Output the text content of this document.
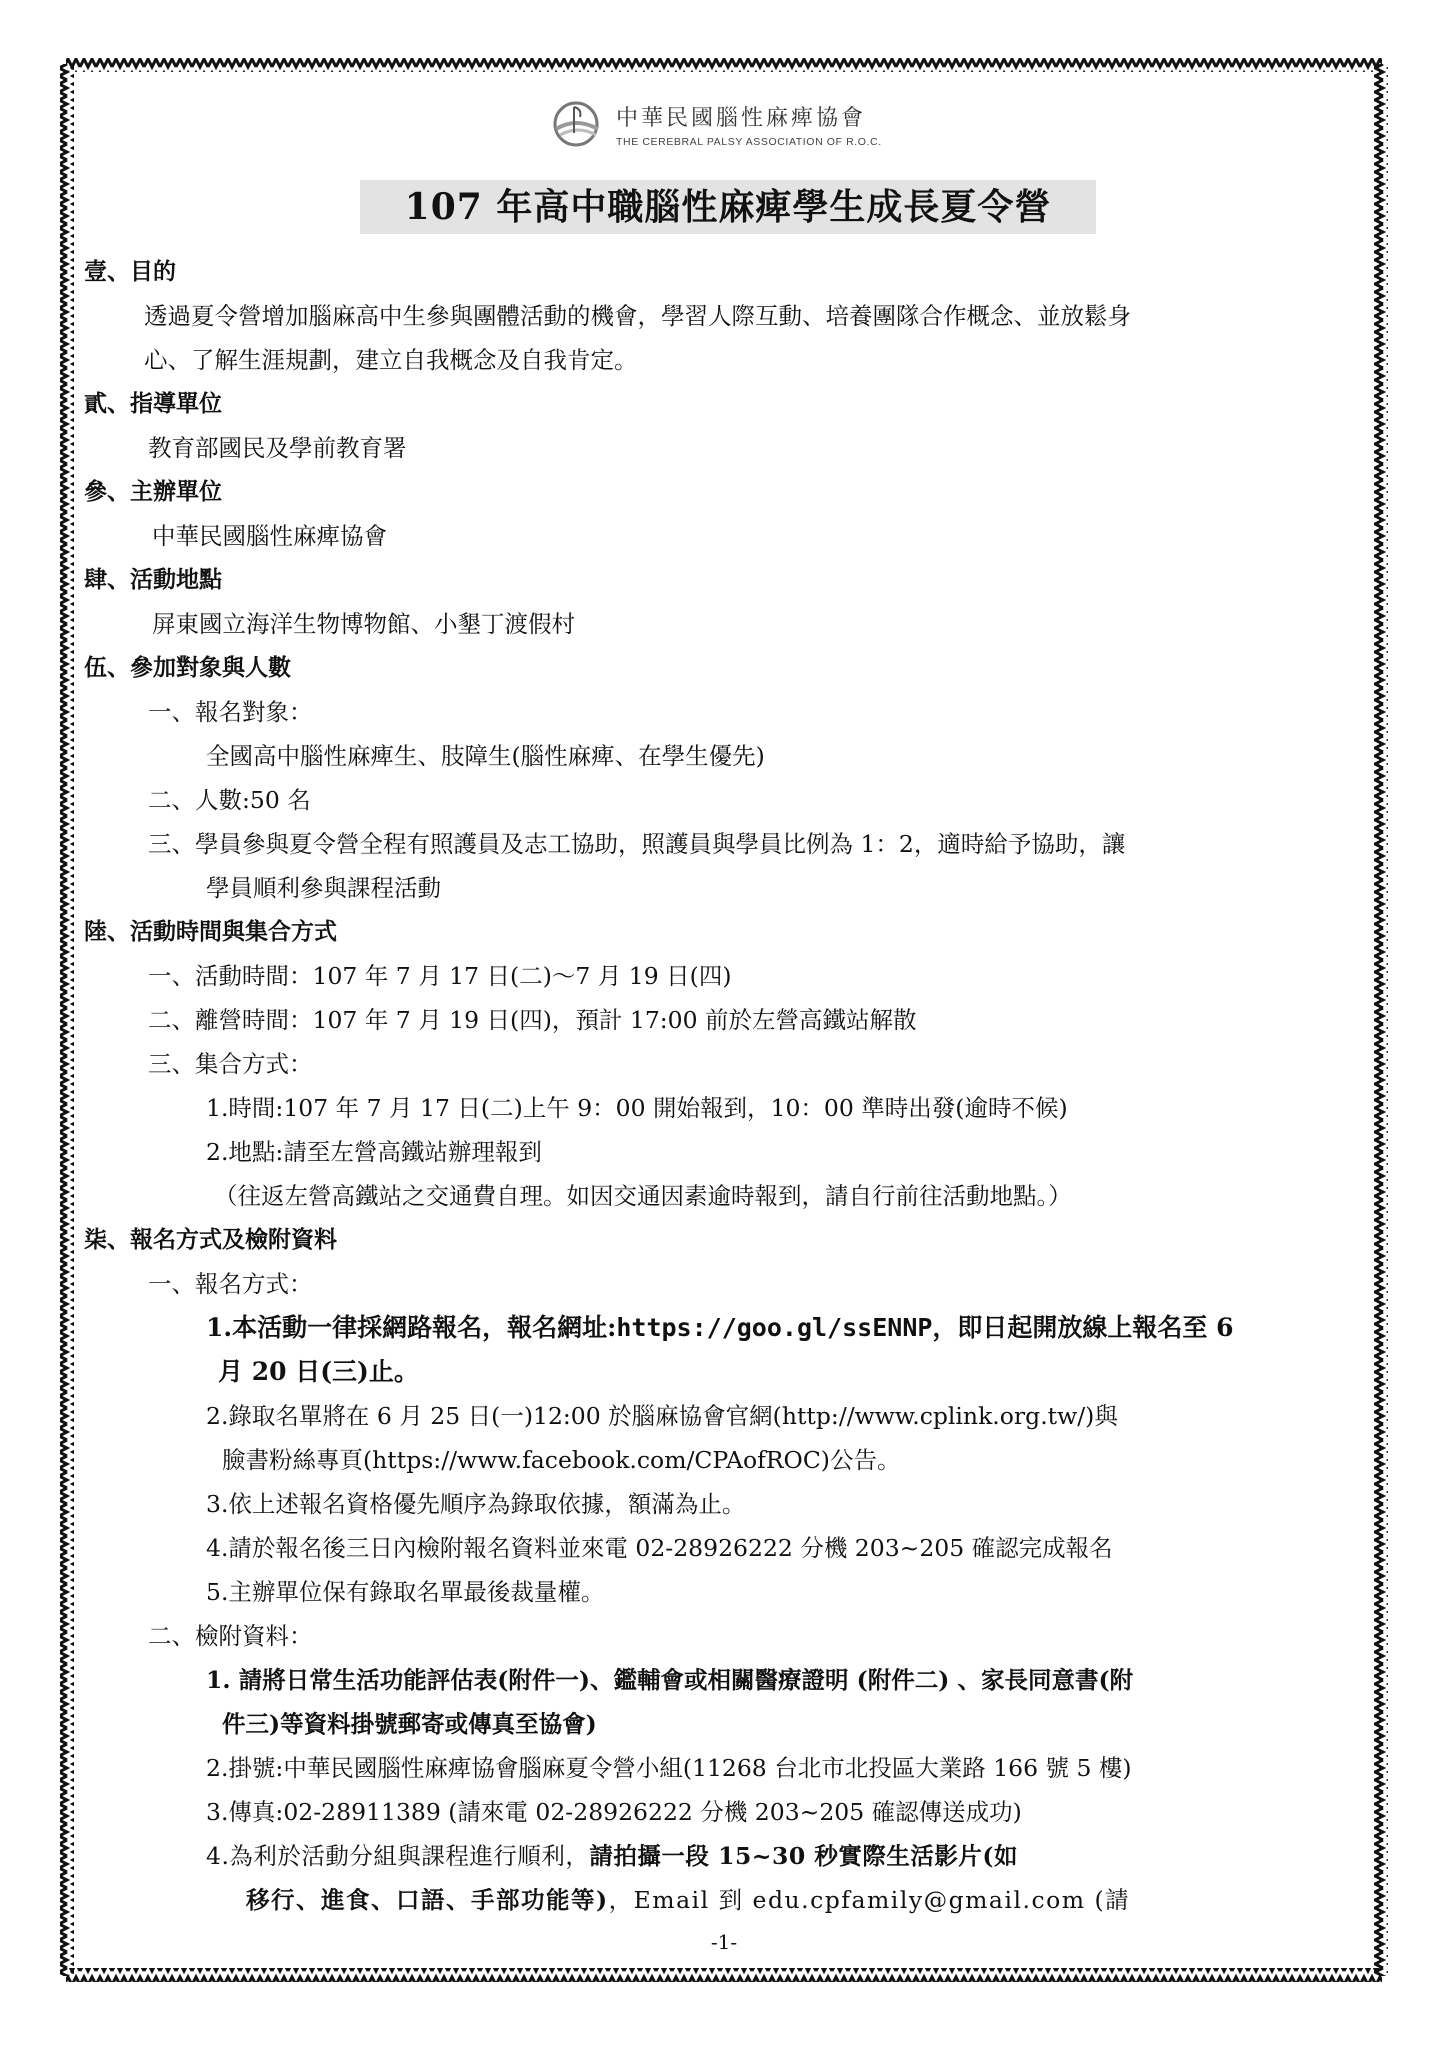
中華民國腦性麻痺協會
THE CEREBRAL PALSY ASSOCIATION OF R.O.C.
107 年高中職腦性麻痺學生成長夏令營
壹、目的
透過夏令營增加腦麻高中生參與團體活動的機會，學習人際互動、培養團隊合作概念、並放鬆身
心、了解生涯規劃，建立自我概念及自我肯定。
貳、指導單位
教育部國民及學前教育署
參、主辦單位
中華民國腦性麻痺協會
肆、活動地點
屏東國立海洋生物博物館、小墾丁渡假村
伍、參加對象與人數
一、報名對象：
全國高中腦性麻痺生、肢障生(腦性麻痺、在學生優先)
二、人數:50 名
三、學員參與夏令營全程有照護員及志工協助，照護員與學員比例為 1：2，適時給予協助，讓
學員順利參與課程活動
陸、活動時間與集合方式
一、活動時間：107 年 7 月 17 日(二)～7 月 19 日(四)
二、離營時間：107 年 7 月 19 日(四)，預計 17:00 前於左營高鐵站解散
三、集合方式：
1.時間:107 年 7 月 17 日(二)上午 9：00 開始報到，10：00 準時出發(逾時不候)
2.地點:請至左營高鐵站辦理報到
（往返左營高鐵站之交通費自理。如因交通因素逾時報到，請自行前往活動地點。）
柒、報名方式及檢附資料
一、報名方式：
1.本活動一律採網路報名，報名網址:https://goo.gl/ssENNP，即日起開放線上報名至 6
月 20 日(三)止。
2.錄取名單將在 6 月 25 日(一)12:00 於腦麻協會官網(http://www.cplink.org.tw/)與
臉書粉絲專頁(https://www.facebook.com/CPAofROC)公告。
3.依上述報名資格優先順序為錄取依據，額滿為止。
4.請於報名後三日內檢附報名資料並來電 02-28926222 分機 203~205 確認完成報名
5.主辦單位保有錄取名單最後裁量權。
二、檢附資料：
1. 請將日常生活功能評估表(附件一)、鑑輔會或相關醫療證明 (附件二) 、家長同意書(附
件三)等資料掛號郵寄或傳真至協會)
2.掛號:中華民國腦性麻痺協會腦麻夏令營小組(11268 台北市北投區大業路 166 號 5 樓)
3.傳真:02-28911389 (請來電 02-28926222 分機 203~205 確認傳送成功)
4.為利於活動分組與課程進行順利，請拍攝一段 15~30 秒實際生活影片(如
移行、進食、口語、手部功能等)，Email 到 edu.cpfamily@gmail.com (請
-1-
